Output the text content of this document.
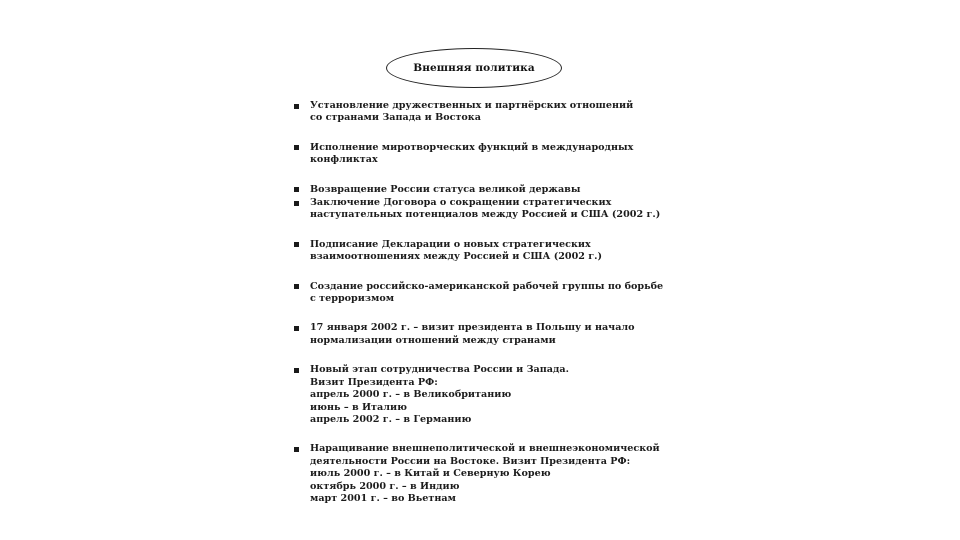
Внешняя политика
Установление дружественных и партнёрских отношений
со странами Запада и Востока
Исполнение миротворческих функций в международных
конфликтах
Возвращение России статуса великой державы
Заключение Договора о сокращении стратегических
наступательных потенциалов между Россией и США (2002 г.)
Подписание Декларации о новых стратегических
взаимоотношениях между Россией и США (2002 г.)
Создание российско-американской рабочей группы по борьбе
с терроризмом
17 января 2002 г. – визит президента в Польшу и начало
нормализации отношений между странами
Новый этап сотрудничества России и Запада.
Визит Президента РФ:
апрель 2000 г. – в Великобританию
июнь – в Италию
апрель 2002 г. – в Германию
Наращивание внешнеполитической и внешнеэкономической
деятельности России на Востоке. Визит Президента РФ:
июль 2000 г. – в Китай и Северную Корею
октябрь 2000 г. – в Индию
март 2001 г. – во Вьетнам
